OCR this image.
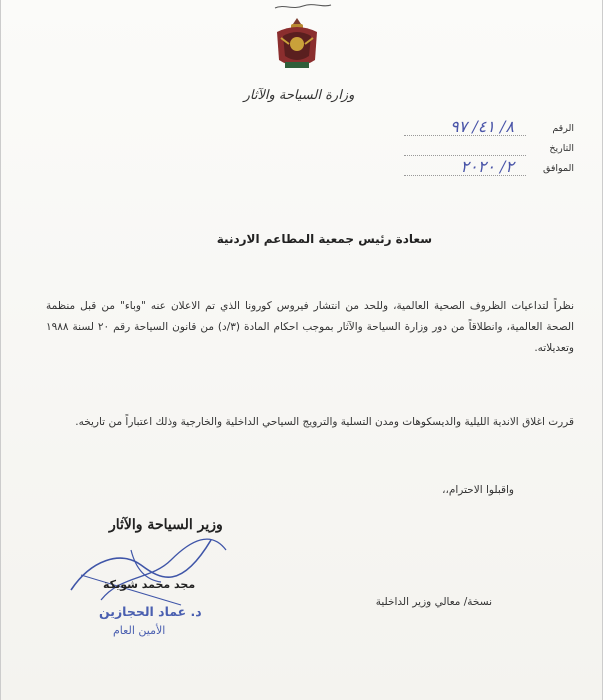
وزارة السياحة والآثار
الرقم
٨/ ٤١/ ٩٧
التاريخ
الموافق
٢/ ٢٠٢٠
سعادة رئيس جمعية المطاعم الاردنية
نظراً لتداعيات الظروف الصحية العالمية، وللحد من انتشار فيروس كورونا الذي تم الاعلان عنه "وباء" من قبل منظمة الصحة العالمية، وانطلاقاً من دور وزارة السياحة والآثار بموجب احكام المادة (٣/د) من قانون السياحة رقم ٢٠ لسنة ١٩٨٨ وتعديلاته.
قررت اغلاق الاندية الليلية والديسكوهات ومدن التسلية والترويج السياحي الداخلية والخارجية وذلك اعتباراً من تاريخه.
واقبلوا الاحترام،،
وزير السياحة والآثار
مجد محمد شويكة
د. عماد الحجازين
الأمين العام
نسخة/ معالي وزير الداخلية
